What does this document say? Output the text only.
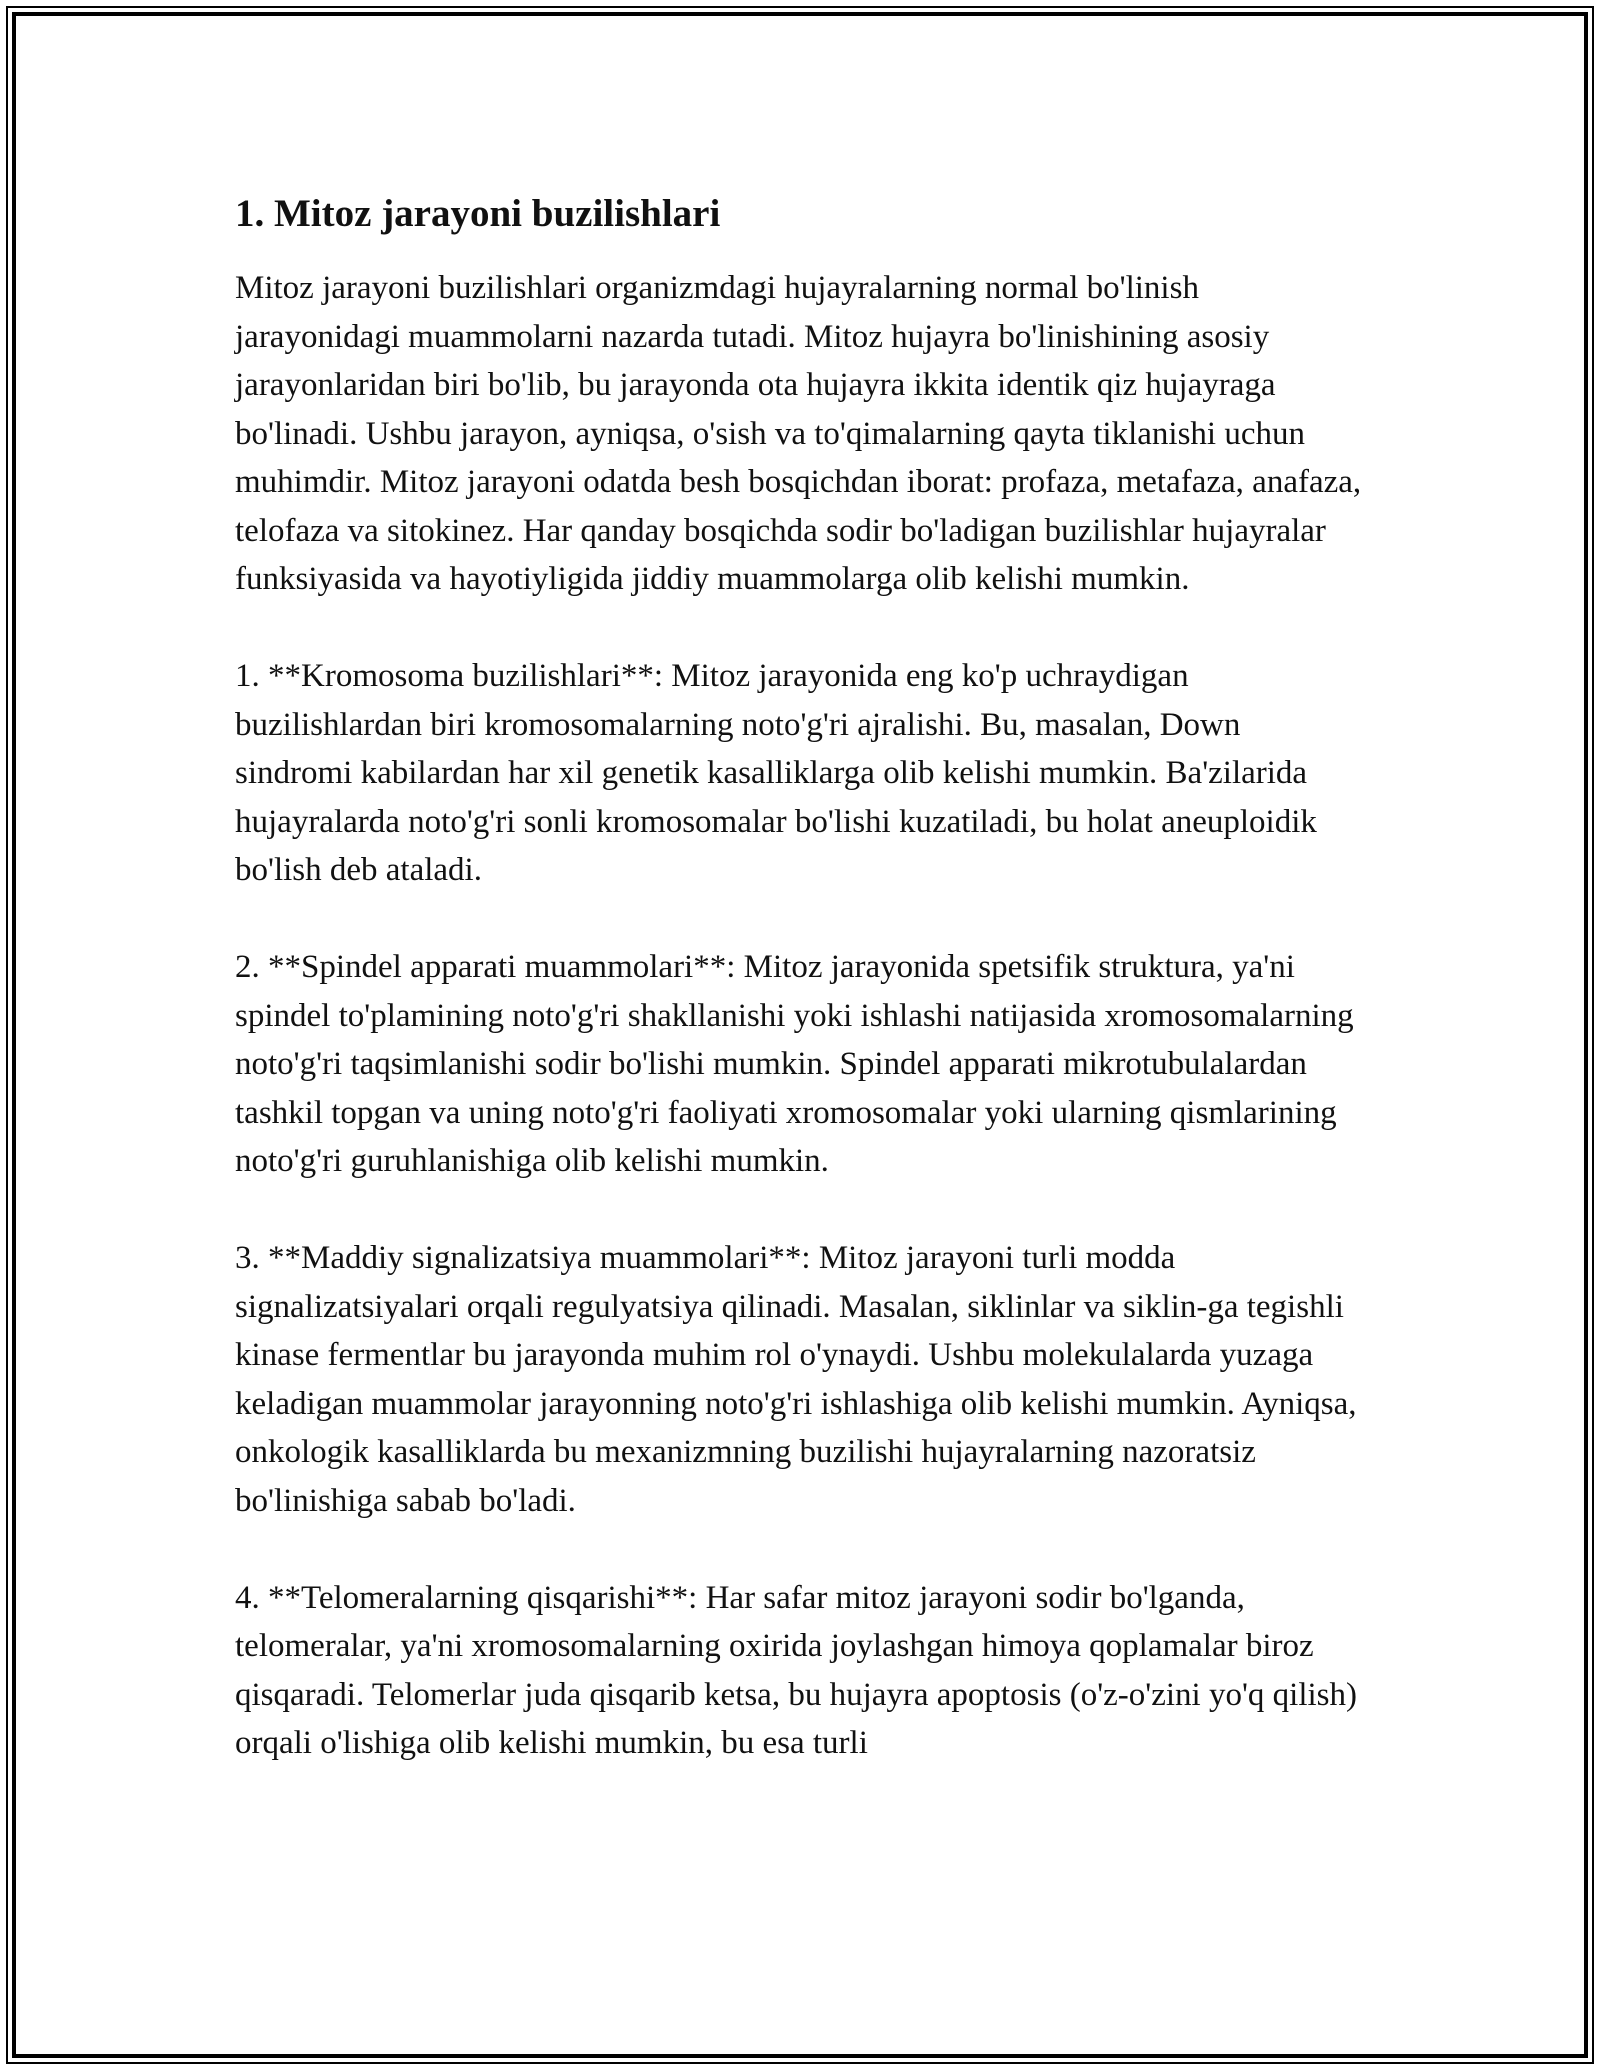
1. Mitoz jarayoni buzilishlari

Mitoz jarayoni buzilishlari organizmdagi hujayralarning normal bo'linish jarayonidagi muammolarni nazarda tutadi. Mitoz hujayra bo'linishining asosiy jarayonlaridan biri bo'lib, bu jarayonda ota hujayra ikkita identik qiz hujayraga bo'linadi. Ushbu jarayon, ayniqsa, o'sish va to'qimalarning qayta tiklanishi uchun muhimdir. Mitoz jarayoni odatda besh bosqichdan iborat: profaza, metafaza, anafaza, telofaza va sitokinez. Har qanday bosqichda sodir bo'ladigan buzilishlar hujayralar funksiyasida va hayotiyligida jiddiy muammolarga olib kelishi mumkin.

1. **Kromosoma buzilishlari**: Mitoz jarayonida eng ko'p uchraydigan buzilishlardan biri kromosomalarning noto'g'ri ajralishi. Bu, masalan, Down sindromi kabilardan har xil genetik kasalliklarga olib kelishi mumkin. Ba'zilarida hujayralarda noto'g'ri sonli kromosomalar bo'lishi kuzatiladi, bu holat aneuploidik bo'lish deb ataladi.

2. **Spindel apparati muammolari**: Mitoz jarayonida spetsifik struktura, ya'ni spindel to'plamining noto'g'ri shakllanishi yoki ishlashi natijasida xromosomalarning noto'g'ri taqsimlanishi sodir bo'lishi mumkin. Spindel apparati mikrotubulalardan tashkil topgan va uning noto'g'ri faoliyati xromosomalar yoki ularning qismlarining noto'g'ri guruhlanishiga olib kelishi mumkin.

3. **Maddiy signalizatsiya muammolari**: Mitoz jarayoni turli modda signalizatsiyalari orqali regulyatsiya qilinadi. Masalan, siklinlar va siklin-ga tegishli kinase fermentlar bu jarayonda muhim rol o'ynaydi. Ushbu molekulalarda yuzaga keladigan muammolar jarayonning noto'g'ri ishlashiga olib kelishi mumkin. Ayniqsa, onkologik kasalliklarda bu mexanizmning buzilishi hujayralarning nazoratsiz bo'linishiga sabab bo'ladi.

4. **Telomeralarning qisqarishi**: Har safar mitoz jarayoni sodir bo'lganda, telomeralar, ya'ni xromosomalarning oxirida joylashgan himoya qoplamalar biroz qisqaradi. Telomerlar juda qisqarib ketsa, bu hujayra apoptosis (o'z-o'zini yo'q qilish) orqali o'lishiga olib kelishi mumkin, bu esa turli
